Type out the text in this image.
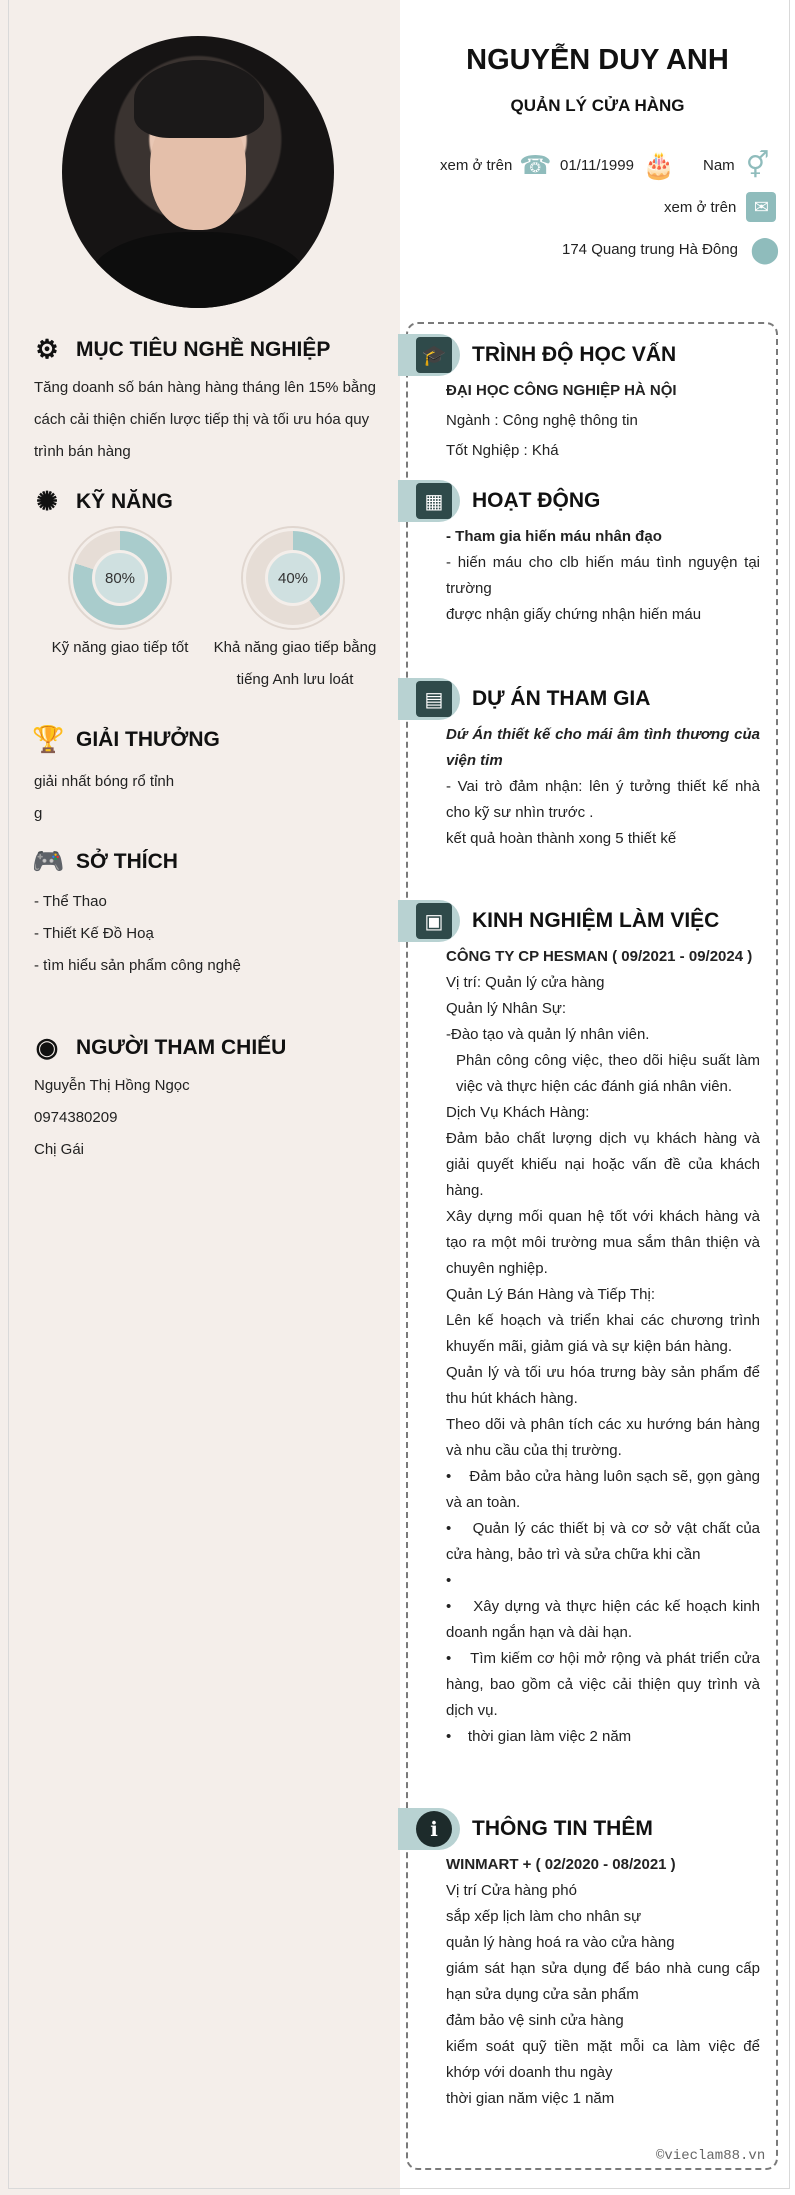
NGUYỄN DUY ANH
QUẢN LÝ CỬA HÀNG
xem ở trên ☎ 01/11/1999 🎂 Nam ⚥
xem ở trên ✉
174 Quang trung Hà Đông ⬤
⚙ MỤC TIÊU NGHỀ NGHIỆP
Tăng doanh số bán hàng hàng tháng lên 15% bằng cách cải thiện chiến lược tiếp thị và tối ưu hóa quy trình bán hàng
✺ KỸ NĂNG
80%	40%
Kỹ năng giao tiếp tốt	Khả năng giao tiếp bằng tiếng Anh lưu loát
🏆 GIẢI THƯỞNG
giải nhất bóng rổ tỉnh
g
🎮 SỞ THÍCH
- Thể Thao
- Thiết Kế Đồ Hoạ
- tìm hiểu sản phẩm công nghệ
◉ NGƯỜI THAM CHIẾU
Nguyễn Thị Hồng Ngọc
0974380209
Chị Gái
🎓 TRÌNH ĐỘ HỌC VẤN

ĐẠI HỌC CÔNG NGHIỆP HÀ NỘI

Ngành : Công nghệ thông tin

Tốt Nghiệp : Khá

▦	HOẠT ĐỘNG

- Tham gia hiến máu nhân đạo

- hiến máu cho clb hiến máu tình nguyện tại trường

được nhận giấy chứng nhận hiến máu

▤	DỰ ÁN THAM GIA

Dứ Án thiết kế cho mái âm tình thương của viện tim

- Vai trò đảm nhận: lên ý tưởng thiết kế nhà cho kỹ sư nhìn trước .

kết quả hoàn thành xong 5 thiết kế

▣	KINH NGHIỆM LÀM VIỆC

CÔNG TY CP HESMAN ( 09/2021 - 09/2024 )

Vị trí: Quản lý cửa hàng

Quản lý Nhân Sự:

-Đào tạo và quản lý nhân viên.

Phân công công việc, theo dõi hiệu suất làm việc và thực hiện các đánh giá nhân viên.

Dịch Vụ Khách Hàng:

Đảm bảo chất lượng dịch vụ khách hàng và giải quyết khiếu nại hoặc vấn đề của khách hàng.

Xây dựng mối quan hệ tốt với khách hàng và tạo ra một môi trường mua sắm thân thiện và chuyên nghiệp.

Quản Lý Bán Hàng và Tiếp Thị:

Lên kế hoạch và triển khai các chương trình khuyến mãi, giảm giá và sự kiện bán hàng.

Quản lý và tối ưu hóa trưng bày sản phẩm để thu hút khách hàng.

Theo dõi và phân tích các xu hướng bán hàng và nhu cầu của thị trường.

•    Đảm bảo cửa hàng luôn sạch sẽ, gọn gàng và an toàn.

•    Quản lý các thiết bị và cơ sở vật chất của cửa hàng, bảo trì và sửa chữa khi cần

•

•    Xây dựng và thực hiện các kế hoạch kinh doanh ngắn hạn và dài hạn.

•    Tìm kiếm cơ hội mở rộng và phát triển cửa hàng, bao gồm cả việc cải thiện quy trình và dịch vụ.

•    thời gian làm việc 2 năm

ℹ	THÔNG TIN THÊM

WINMART + ( 02/2020 - 08/2021 )

Vị trí Cửa hàng phó

sắp xếp lịch làm cho nhân sự

quản lý hàng hoá ra vào cửa hàng

giám sát hạn sửa dụng để báo nhà cung cấp hạn sửa dụng cửa sản phẩm

đảm bảo vệ sinh cửa hàng

kiểm soát quỹ tiền mặt mỗi ca làm việc để khớp với doanh thu ngày

thời gian năm việc 1 năm

©vieclam88.vn
